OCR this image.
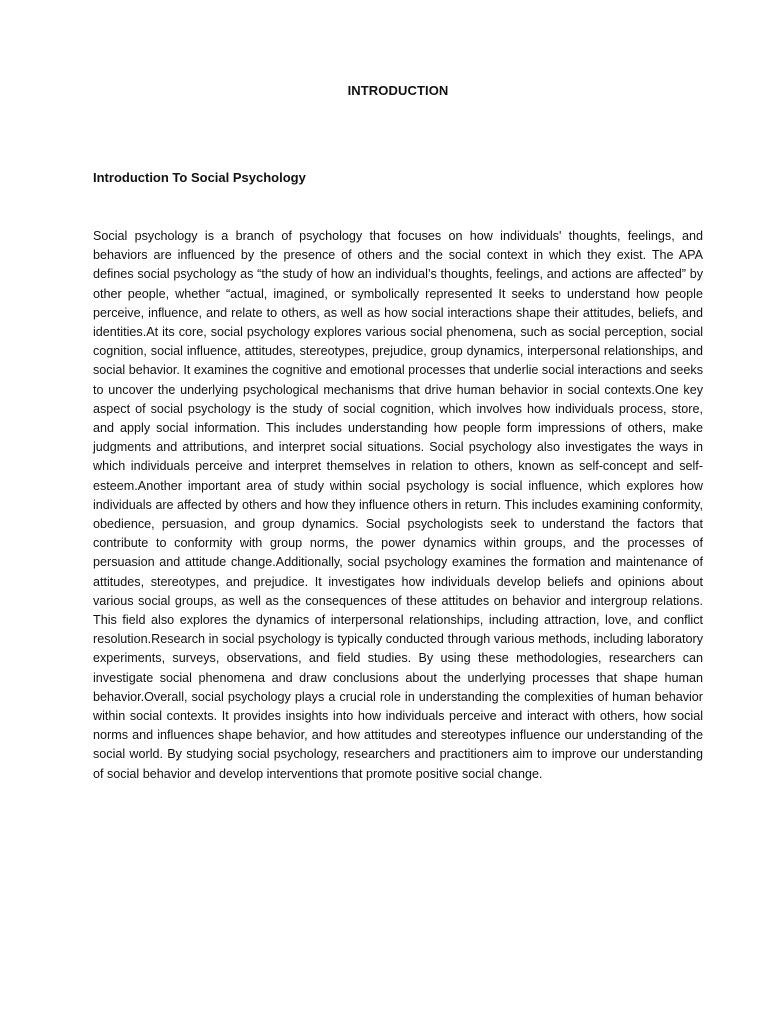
INTRODUCTION
Introduction To Social Psychology

Social psychology is a branch of psychology that focuses on how individuals' thoughts, feelings, and behaviors are influenced by the presence of others and the social context in which they exist. The APA defines social psychology as “the study of how an individual’s thoughts, feelings, and actions are affected” by other people, whether “actual, imagined, or symbolically represented It seeks to understand how people perceive, influence, and relate to others, as well as how social interactions shape their attitudes, beliefs, and identities.At its core, social psychology explores various social phenomena, such as social perception, social cognition, social influence, attitudes, stereotypes, prejudice, group dynamics, interpersonal relationships, and social behavior. It examines the cognitive and emotional processes that underlie social interactions and seeks to uncover the underlying psychological mechanisms that drive human behavior in social contexts.One key aspect of social psychology is the study of social cognition, which involves how individuals process, store, and apply social information. This includes understanding how people form impressions of others, make judgments and attributions, and interpret social situations. Social psychology also investigates the ways in which individuals perceive and interpret themselves in relation to others, known as self-concept and self-esteem.Another important area of study within social psychology is social influence, which explores how individuals are affected by others and how they influence others in return. This includes examining conformity, obedience, persuasion, and group dynamics. Social psychologists seek to understand the factors that contribute to conformity with group norms, the power dynamics within groups, and the processes of persuasion and attitude change.Additionally, social psychology examines the formation and maintenance of attitudes, stereotypes, and prejudice. It investigates how individuals develop beliefs and opinions about various social groups, as well as the consequences of these attitudes on behavior and intergroup relations. This field also explores the dynamics of interpersonal relationships, including attraction, love, and conflict resolution.Research in social psychology is typically conducted through various methods, including laboratory experiments, surveys, observations, and field studies. By using these methodologies, researchers can investigate social phenomena and draw conclusions about the underlying processes that shape human behavior.Overall, social psychology plays a crucial role in understanding the complexities of human behavior within social contexts. It provides insights into how individuals perceive and interact with others, how social norms and influences shape behavior, and how attitudes and stereotypes influence our understanding of the social world. By studying social psychology, researchers and practitioners aim to improve our understanding of social behavior and develop interventions that promote positive social change.
